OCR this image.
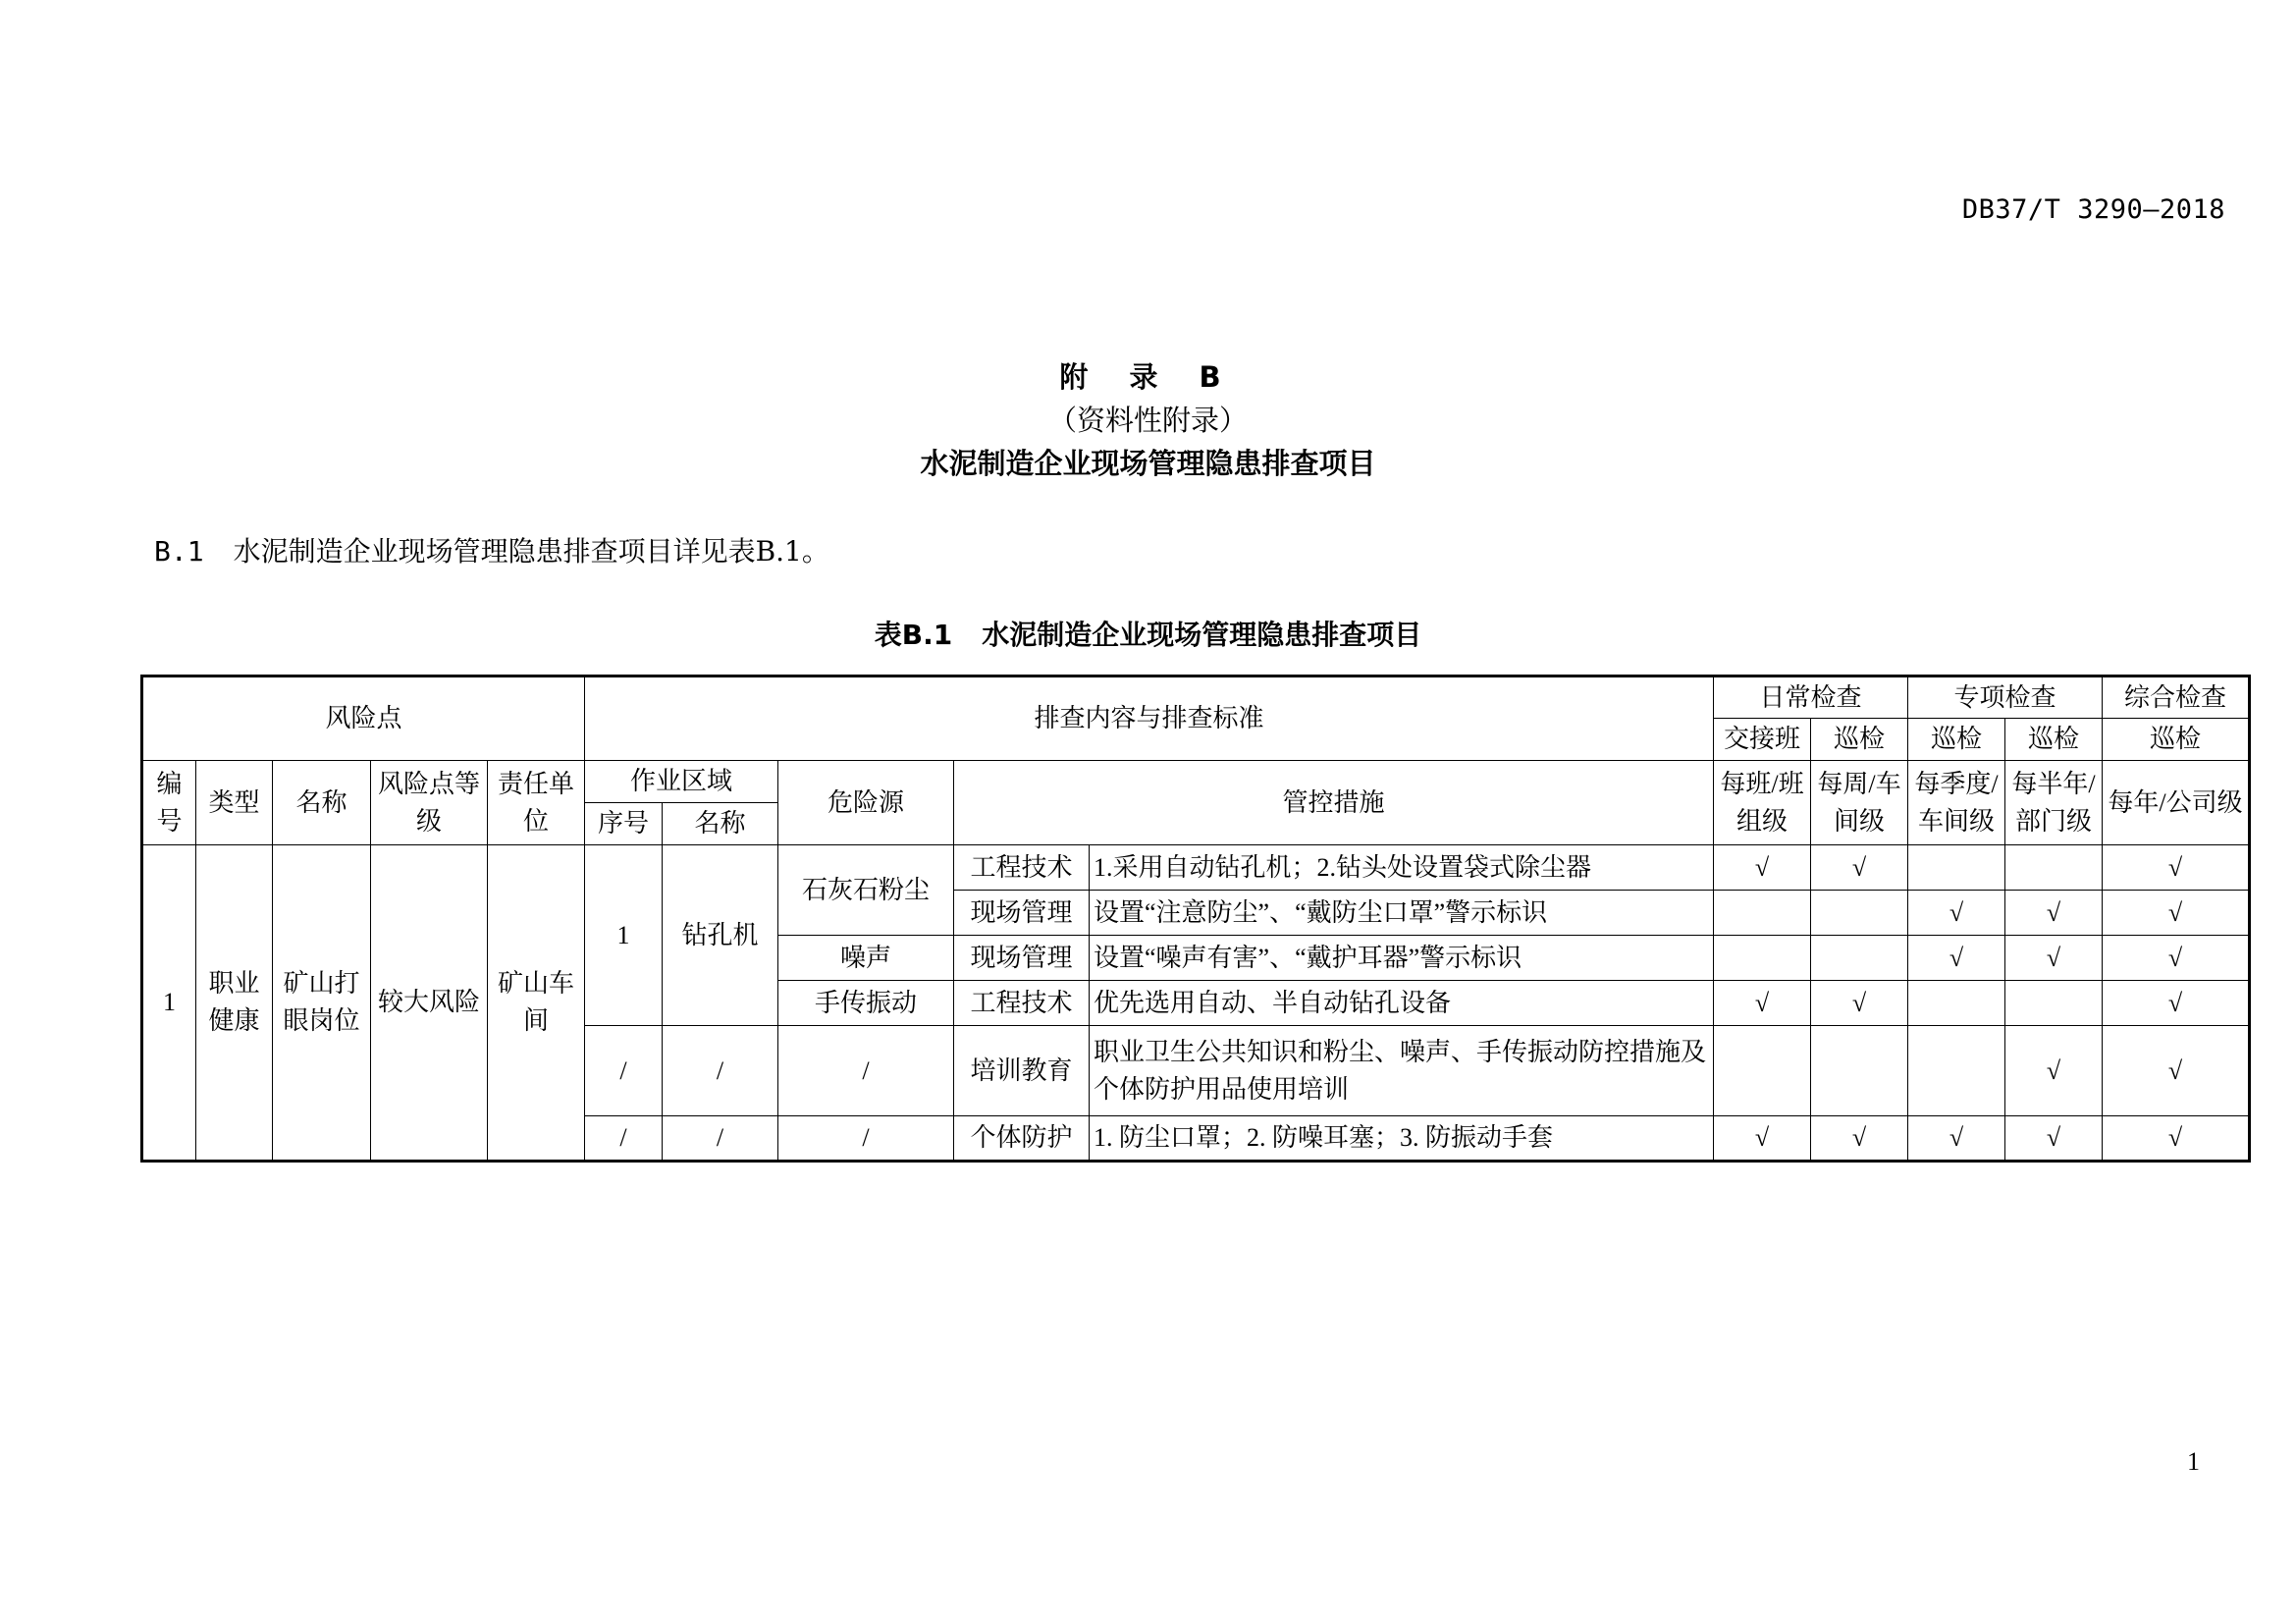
DB37/T 3290—2018
附 录 B
（资料性附录）
水泥制造企业现场管理隐患排查项目
B.1 水泥制造企业现场管理隐患排查项目详见表B.1。
表B.1 水泥制造企业现场管理隐患排查项目
风险点					排查内容与排查标准					日常检查		专项检查		综合检查
										交接班	巡检	巡检	巡检	巡检
编号	类型	名称	风险点等级	责任单位	作业区域		危险源	管控措施		每班/班组级	每周/车间级	每季度/车间级	每半年/部门级	每年/公司级
					序号	名称								
1	职业健康	矿山打眼岗位	较大风险	矿山车间	1	钻孔机	石灰石粉尘	工程技术	1.采用自动钻孔机；2.钻头处设置袋式除尘器	√	√			√
								现场管理	设置“注意防尘”、“戴防尘口罩”警示标识			√	√	√
							噪声	现场管理	设置“噪声有害”、“戴护耳器”警示标识			√	√	√
							手传振动	工程技术	优先选用自动、半自动钻孔设备	√	√			√
					/	/	/	培训教育	职业卫生公共知识和粉尘、噪声、手传振动防控措施及个体防护用品使用培训				√	√
					/	/	/	个体防护	1. 防尘口罩；2. 防噪耳塞；3. 防振动手套	√	√	√	√	√
1
